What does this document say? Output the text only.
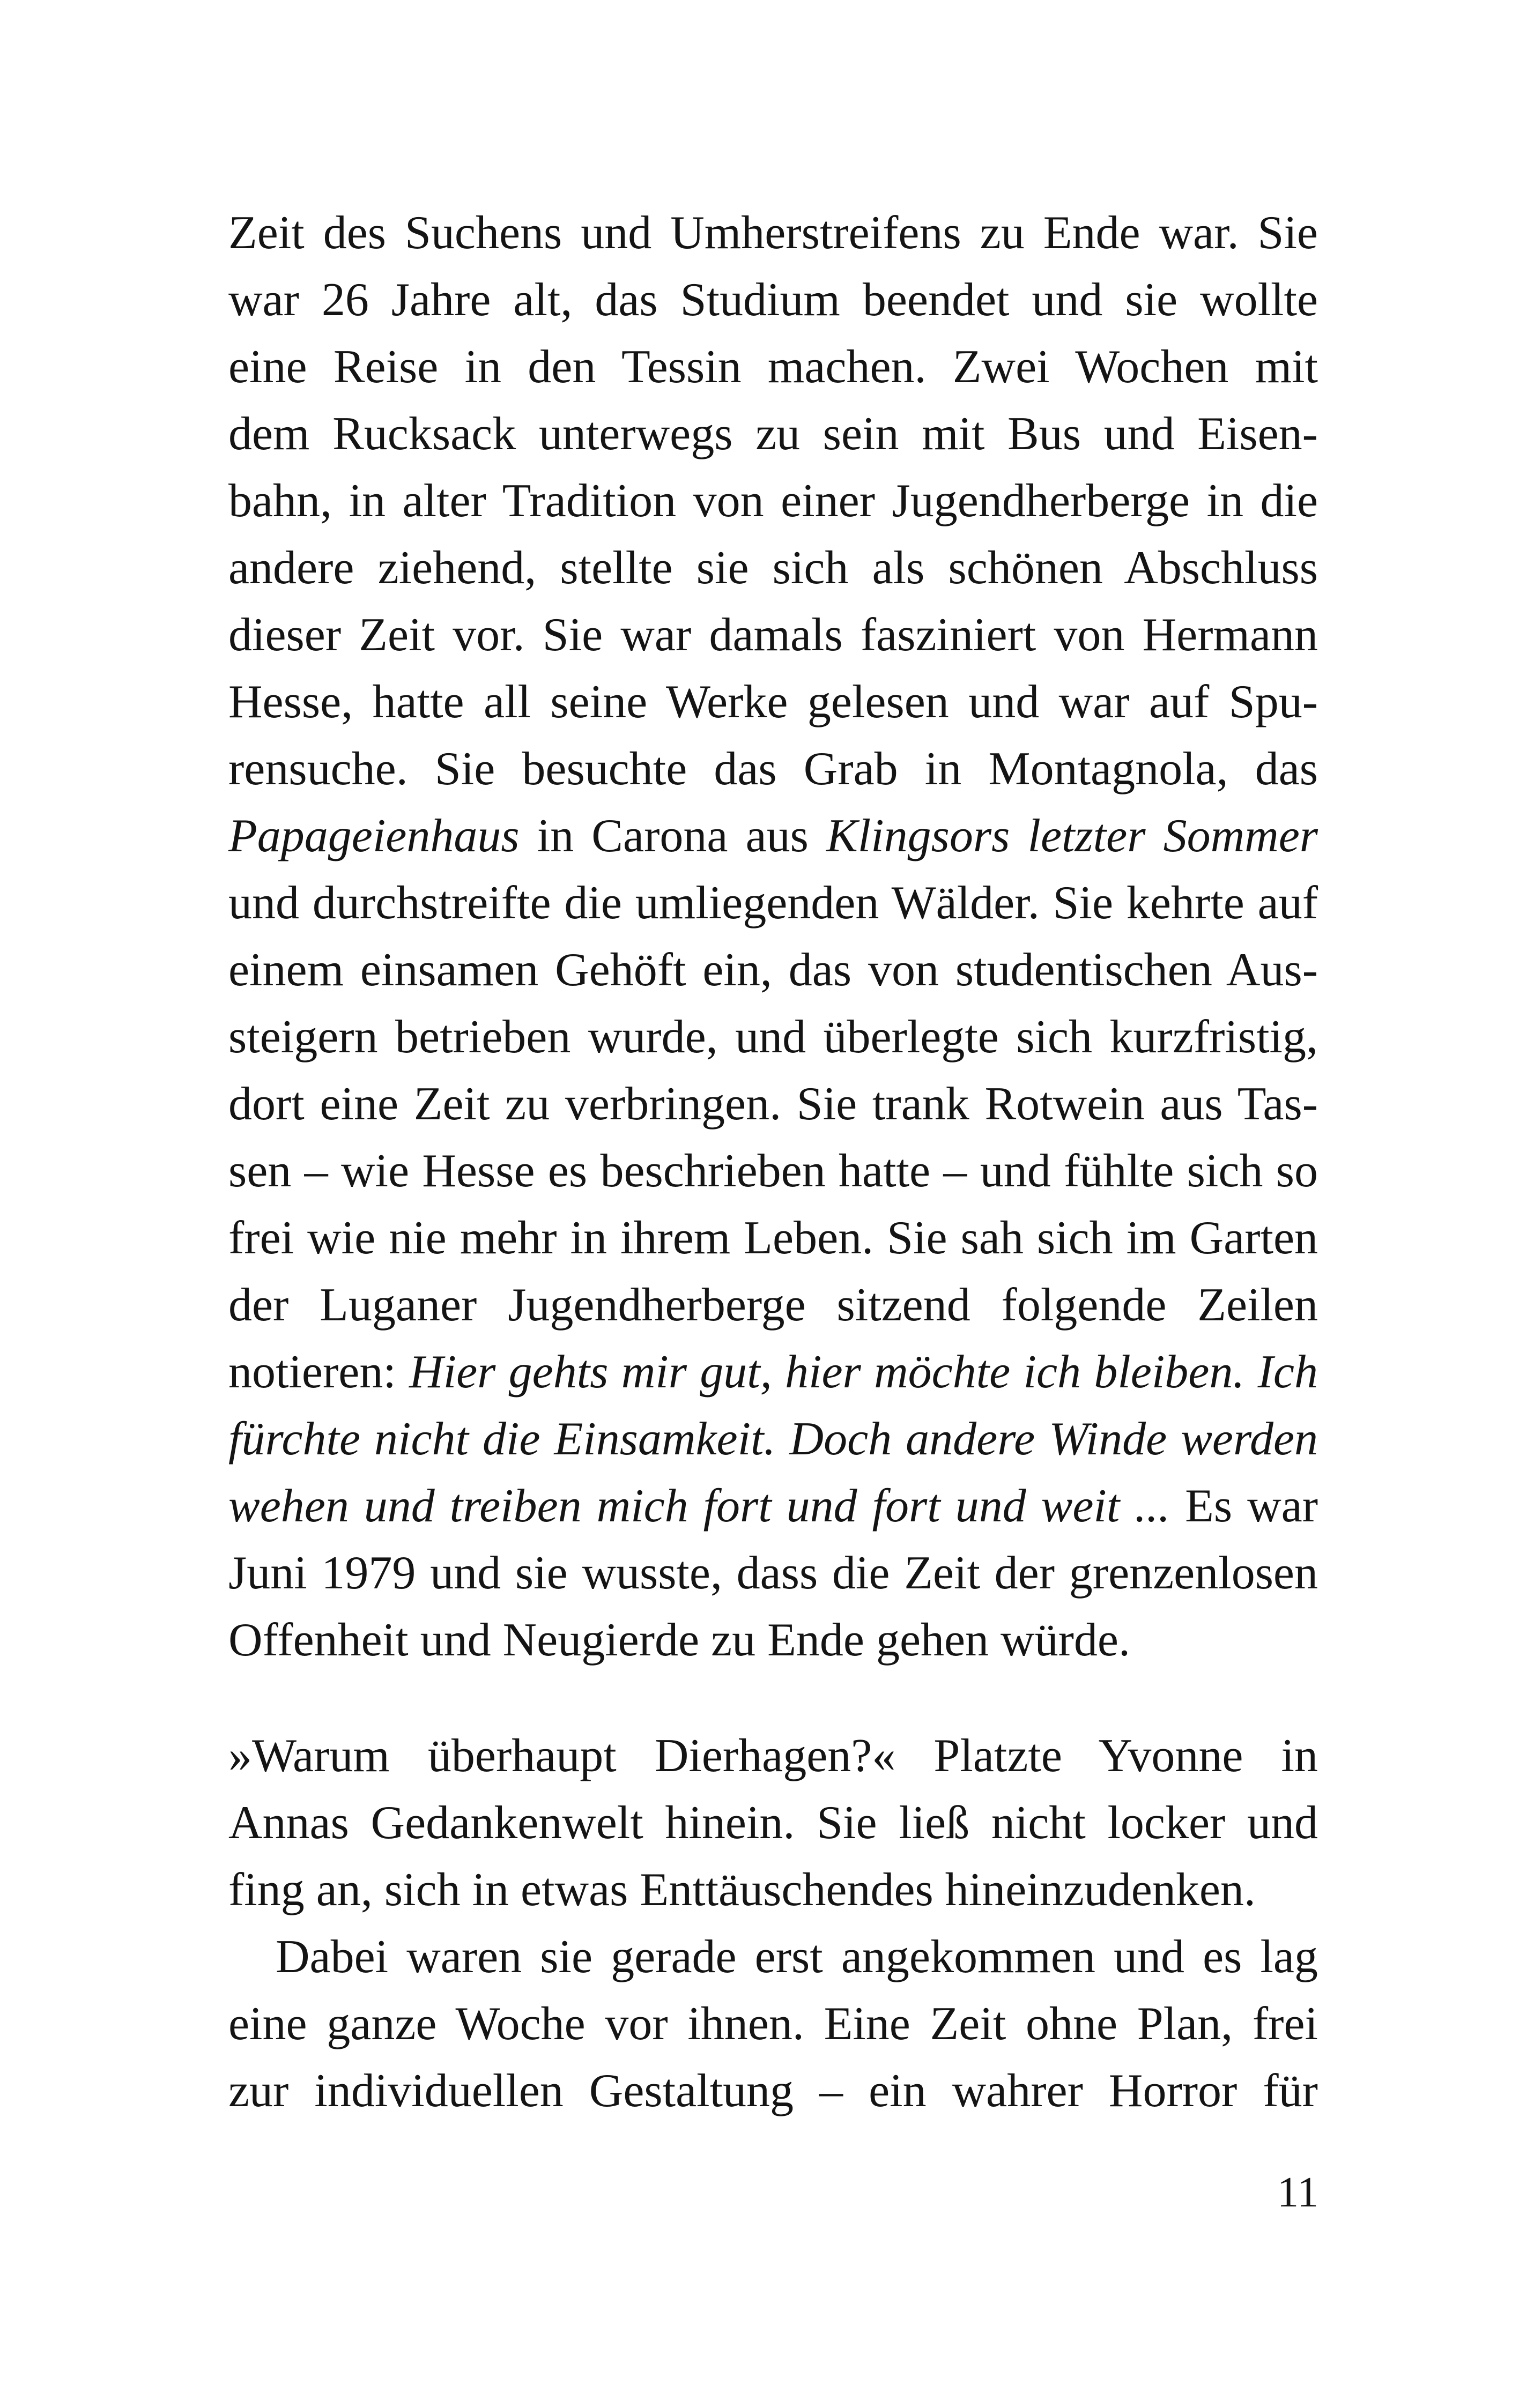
Zeit des Suchens und Umherstreifens zu Ende war. Sie
war 26 Jahre alt, das Studium beendet und sie wollte
eine Reise in den Tessin machen. Zwei Wochen mit
dem Rucksack unterwegs zu sein mit Bus und Eisen-
bahn, in alter Tradition von einer Jugendherberge in die
andere ziehend, stellte sie sich als schönen Abschluss
dieser Zeit vor. Sie war damals fasziniert von Hermann
Hesse, hatte all seine Werke gelesen und war auf Spu-
rensuche. Sie besuchte das Grab in Montagnola, das
Papageienhaus in Carona aus Klingsors letzter Sommer
und durchstreifte die umliegenden Wälder. Sie kehrte auf
einem einsamen Gehöft ein, das von studentischen Aus-
steigern betrieben wurde, und überlegte sich kurzfristig,
dort eine Zeit zu verbringen. Sie trank Rotwein aus Tas-
sen – wie Hesse es beschrieben hatte – und fühlte sich so
frei wie nie mehr in ihrem Leben. Sie sah sich im Garten
der Luganer Jugendherberge sitzend folgende Zeilen
notieren: Hier gehts mir gut, hier möchte ich bleiben. Ich
fürchte nicht die Einsamkeit. Doch andere Winde werden
wehen und treiben mich fort und fort und weit ... Es war
Juni 1979 und sie wusste, dass die Zeit der grenzenlosen
Offenheit und Neugierde zu Ende gehen würde.
»Warum überhaupt Dierhagen?« Platzte Yvonne in
Annas Gedankenwelt hinein. Sie ließ nicht locker und
fing an, sich in etwas Enttäuschendes hineinzudenken.
Dabei waren sie gerade erst angekommen und es lag
eine ganze Woche vor ihnen. Eine Zeit ohne Plan, frei
zur individuellen Gestaltung – ein wahrer Horror für
11
